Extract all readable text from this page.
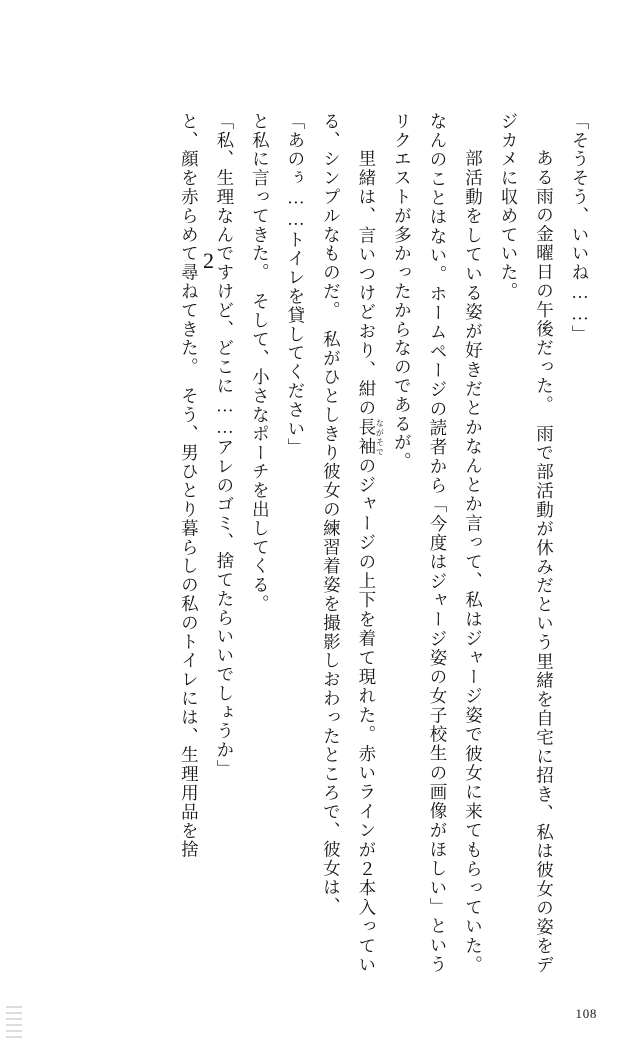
2	「そうそう、いいね……」

　ある雨の金曜日の午後だった。　雨で部活動が休みだという里緒を自宅に招き、私は彼女の姿をデジカメに収めていた。

　部活動をしている姿が好きだとかなんとか言って、私はジャージ姿で彼女に来てもらっていた。なんのことはない。ホームページの読者から「今度はジャージ姿の女子校生の画像がほしい」というリクエストが多かったからなのであるが。

　里緒は、言いつけどおり、紺の長袖ながそでのジャージの上下を着て現れた。赤いラインが２本入っている、シンプルなものだ。　私がひとしきり彼女の練習着姿を撮影しおわったところで、彼女は、

「あのぅ……トイレを貸してください」

と私に言ってきた。　そして、小さなポーチを出してくる。

「私、生理なんですけど、どこに……アレのゴミ、捨てたらいいでしょうか」

と、顔を赤らめて尋ねてきた。　そう、男ひとり暮らしの私のトイレには、生理用品を捨

108
